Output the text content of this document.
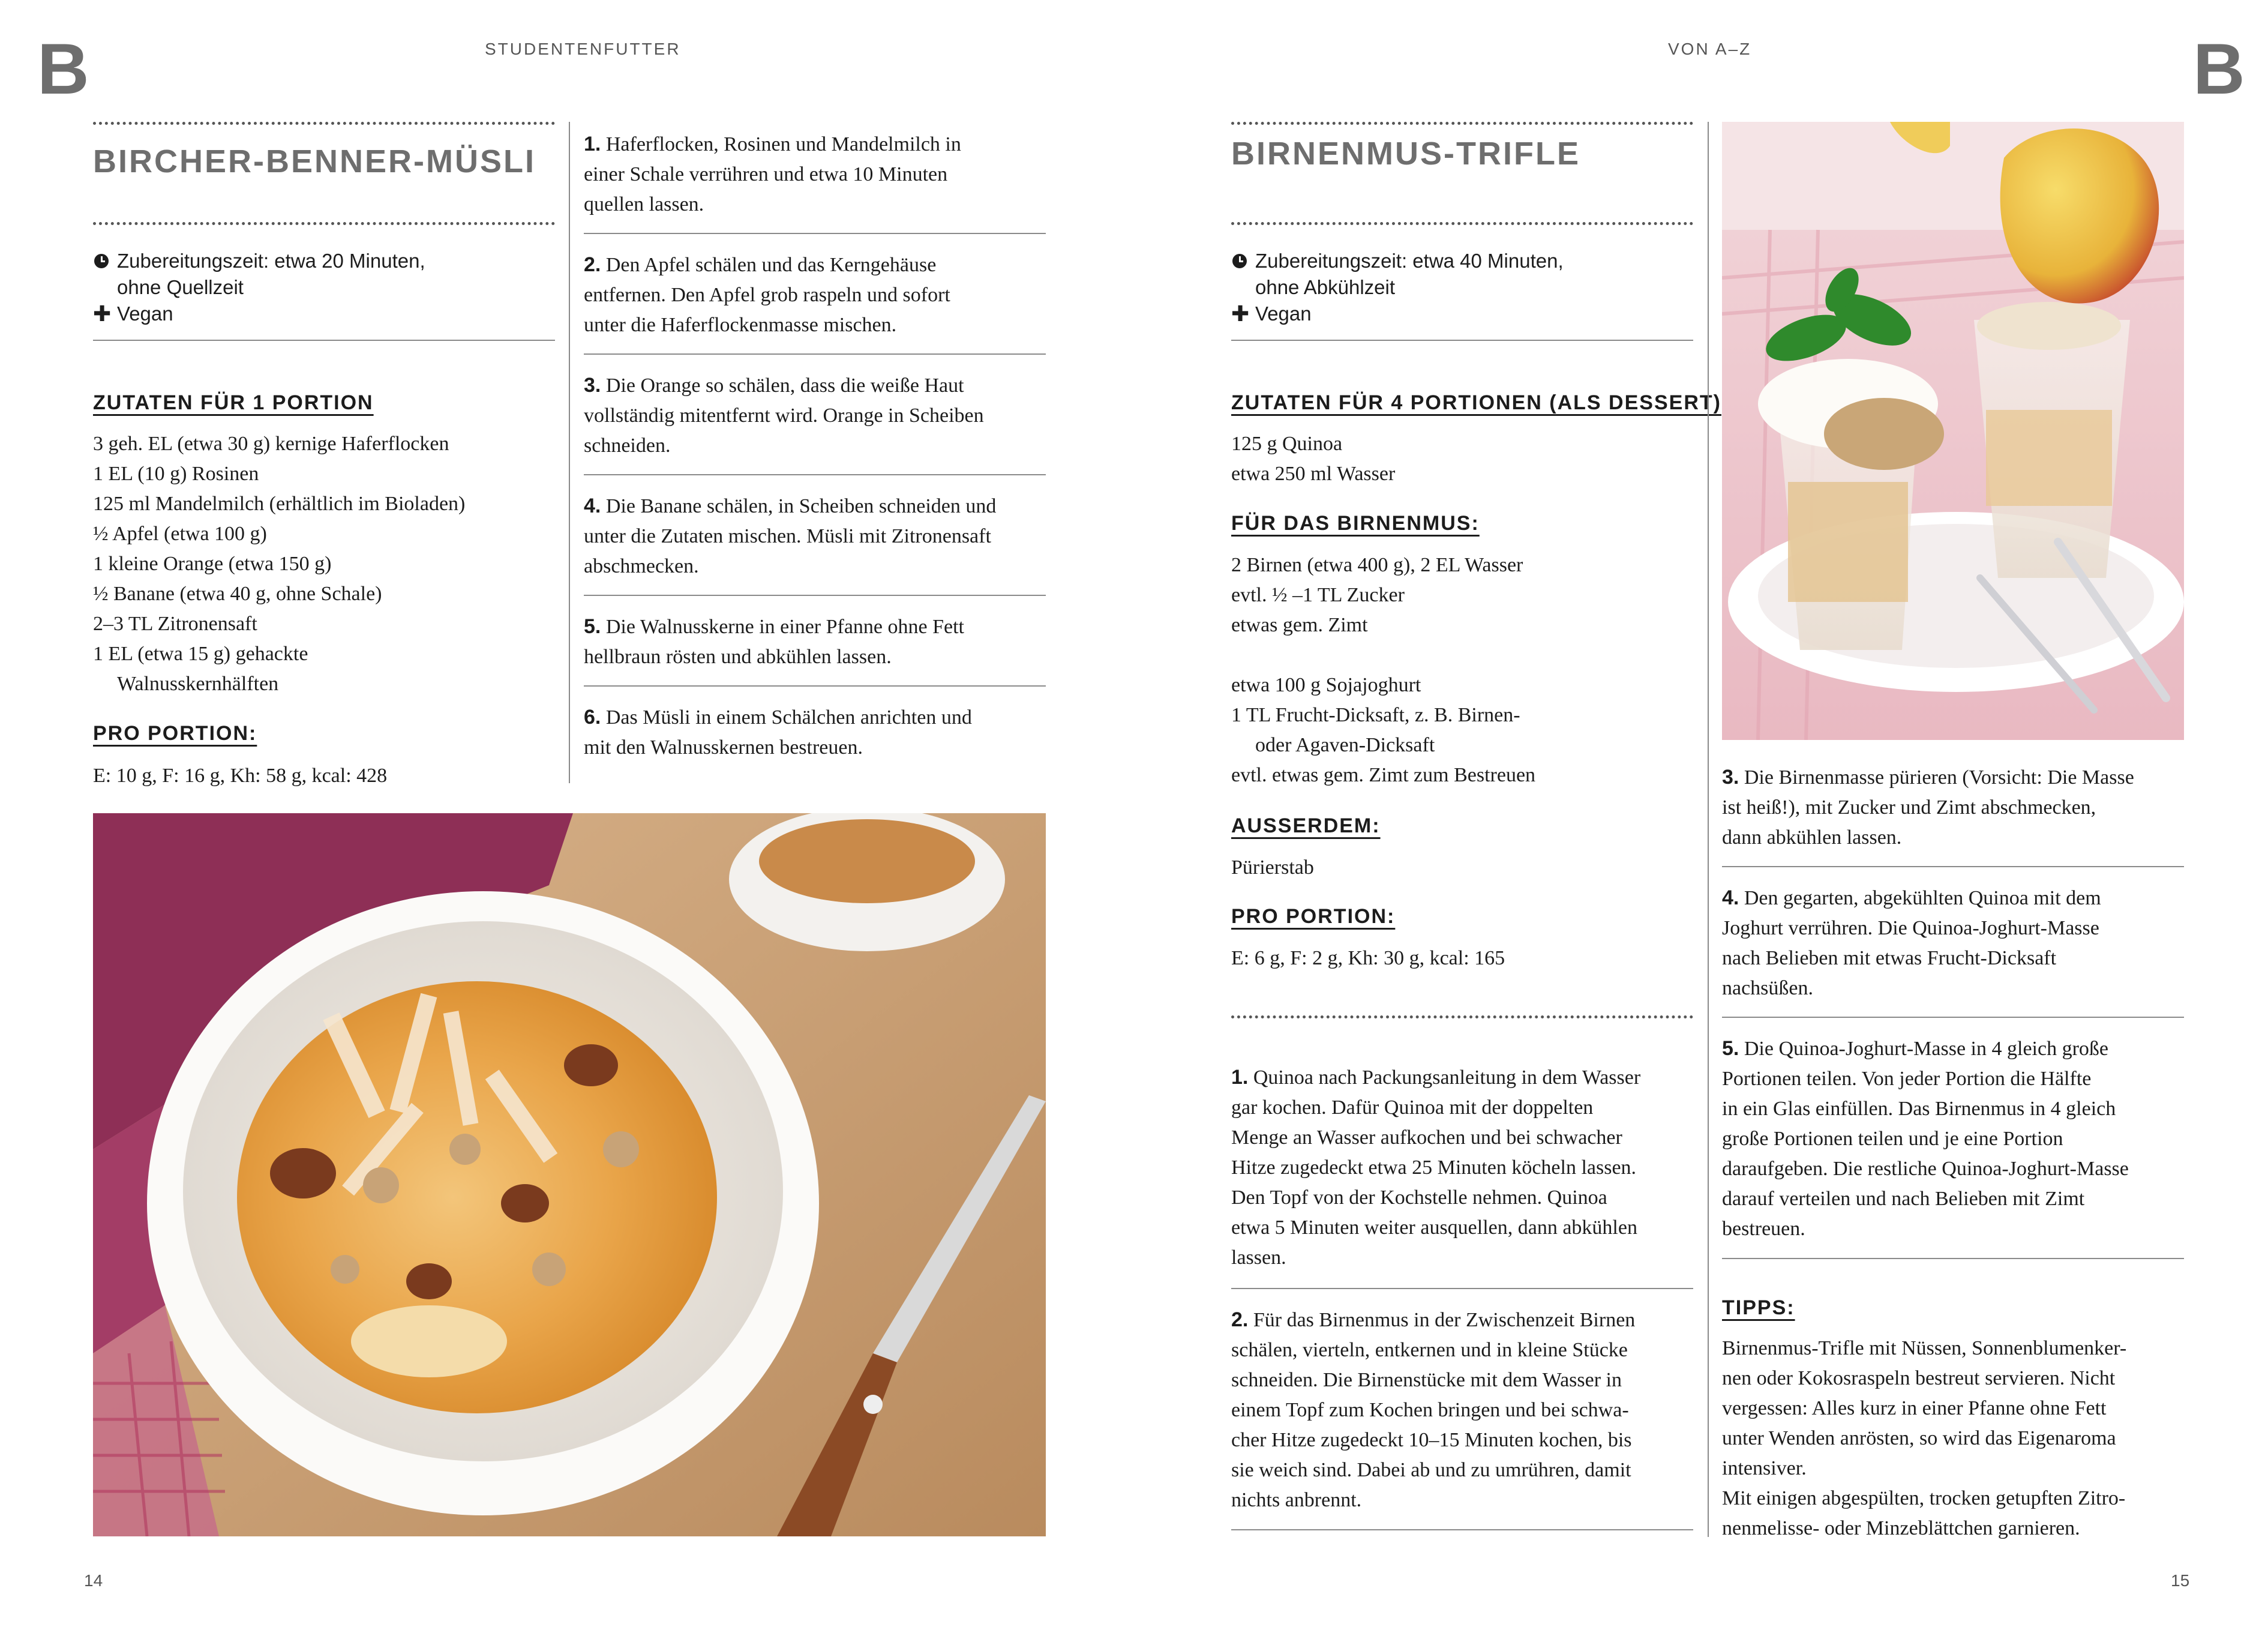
B	STUDENTENFUTTER
BIRCHER-BENNER-MÜSLI
Zubereitungszeit: etwa 20 Minuten,
ohne Quellzeit
✚ Vegan
ZUTATEN FÜR 1 PORTION
3 geh. EL (etwa 30 g) kernige Haferflocken
1 EL (10 g) Rosinen
125 ml Mandelmilch (erhältlich im Bioladen)
½ Apfel (etwa 100 g)
1 kleine Orange (etwa 150 g)
½ Banane (etwa 40 g, ohne Schale)
2–3 TL Zitronensaft
1 EL (etwa 15 g) gehackte
Walnusskernhälften
PRO PORTION:
E: 10 g, F: 16 g, Kh: 58 g, kcal: 428
1. Haferflocken, Rosinen und Mandelmilch in
einer Schale verrühren und etwa 10 Minuten
quellen lassen.
2. Den Apfel schälen und das Kerngehäuse
entfernen. Den Apfel grob raspeln und sofort
unter die Haferflockenmasse mischen.
3. Die Orange so schälen, dass die weiße Haut
vollständig mitentfernt wird. Orange in Scheiben
schneiden.
4. Die Banane schälen, in Scheiben schneiden und
unter die Zutaten mischen. Müsli mit Zitronensaft
abschmecken.
5. Die Walnusskerne in einer Pfanne ohne Fett
hellbraun rösten und abkühlen lassen.
6. Das Müsli in einem Schälchen anrichten und
mit den Walnusskernen bestreuen.
14
VON A–Z	B
BIRNENMUS-TRIFLE
Zubereitungszeit: etwa 40 Minuten,
ohne Abkühlzeit
✚ Vegan
ZUTATEN FÜR 4 PORTIONEN (ALS DESSERT)
125 g Quinoa
etwa 250 ml Wasser
FÜR DAS BIRNENMUS:
2 Birnen (etwa 400 g), 2 EL Wasser
evtl. ½ –1 TL Zucker
etwas gem. Zimt
etwa 100 g Sojajoghurt
1 TL Frucht-Dicksaft, z. B. Birnen-
oder Agaven-Dicksaft
evtl. etwas gem. Zimt zum Bestreuen
AUSSERDEM:
Pürierstab
PRO PORTION:
E: 6 g, F: 2 g, Kh: 30 g, kcal: 165
1. Quinoa nach Packungsanleitung in dem Wasser
gar kochen. Dafür Quinoa mit der doppelten
Menge an Wasser aufkochen und bei schwacher
Hitze zugedeckt etwa 25 Minuten köcheln lassen.
Den Topf von der Kochstelle nehmen. Quinoa
etwa 5 Minuten weiter ausquellen, dann abkühlen
lassen.
2. Für das Birnenmus in der Zwischenzeit Birnen
schälen, vierteln, entkernen und in kleine Stücke
schneiden. Die Birnenstücke mit dem Wasser in
einem Topf zum Kochen bringen und bei schwa-
cher Hitze zugedeckt 10–15 Minuten kochen, bis
sie weich sind. Dabei ab und zu umrühren, damit
nichts anbrennt.
3. Die Birnenmasse pürieren (Vorsicht: Die Masse
ist heiß!), mit Zucker und Zimt abschmecken,
dann abkühlen lassen.
4. Den gegarten, abgekühlten Quinoa mit dem
Joghurt verrühren. Die Quinoa-Joghurt-Masse
nach Belieben mit etwas Frucht-Dicksaft
nachsüßen.
5. Die Quinoa-Joghurt-Masse in 4 gleich große
Portionen teilen. Von jeder Portion die Hälfte
in ein Glas einfüllen. Das Birnenmus in 4 gleich
große Portionen teilen und je eine Portion
daraufgeben. Die restliche Quinoa-Joghurt-Masse
darauf verteilen und nach Belieben mit Zimt
bestreuen.
TIPPS:
Birnenmus-Trifle mit Nüssen, Sonnenblumenker-
nen oder Kokosraspeln bestreut servieren. Nicht
vergessen: Alles kurz in einer Pfanne ohne Fett
unter Wenden anrösten, so wird das Eigenaroma
intensiver.
Mit einigen abgespülten, trocken getupften Zitro-
nenmelisse- oder Minzeblättchen garnieren.
15
